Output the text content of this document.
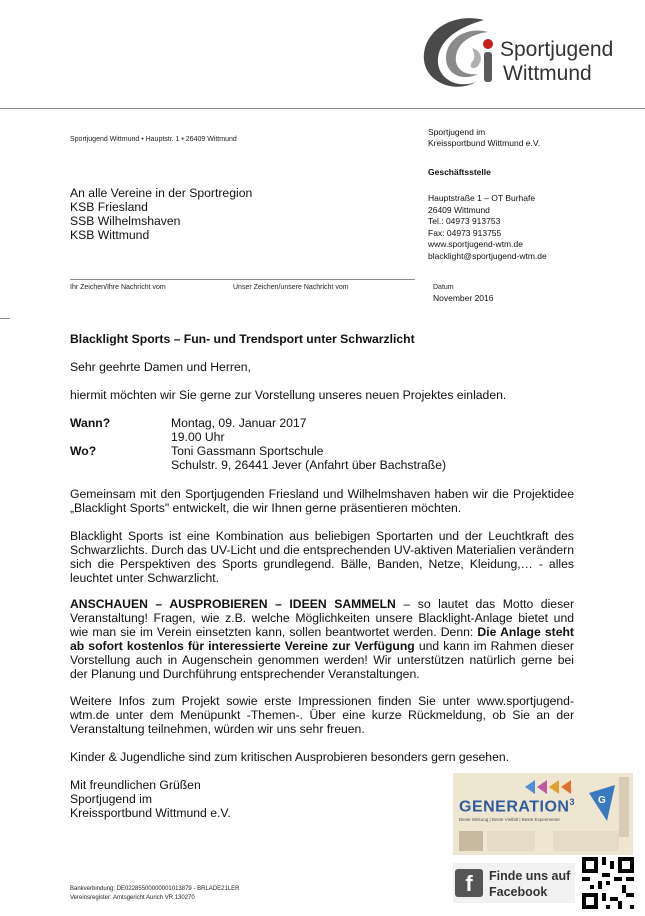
Sportjugend
Wittmund
Sportjugend Wittmund • Hauptstr. 1 • 26409 Wittmund
An alle Vereine in der Sportregion
KSB Friesland
SSB Wilhelmshaven
KSB Wittmund
Sportjugend im
Kreissportbund Wittmund e.V.
Geschäftsstelle
Hauptstraße 1 – OT Burhafe
26409 Wittmund
Tel.: 04973 913753
Fax: 04973 913755
www.sportjugend-wtm.de
blacklight@sportjugend-wtm.de
Ihr Zeichen/Ihre Nachricht vom	Unser Zeichen/unsere Nachricht vom	Datum
November 2016
Blacklight Sports – Fun- und Trendsport unter Schwarzlicht
Sehr geehrte Damen und Herren,
hiermit möchten wir Sie gerne zur Vorstellung unseres neuen Projektes einladen.
Wann?	Montag, 09. Januar 2017
19.00 Uhr
Wo?	Toni Gassmann Sportschule
Schulstr. 9, 26441 Jever (Anfahrt über Bachstraße)
Gemeinsam mit den Sportjugenden Friesland und Wilhelmshaven haben wir die Projektidee „Blacklight Sports" entwickelt, die wir Ihnen gerne präsentieren möchten.
Blacklight Sports ist eine Kombination aus beliebigen Sportarten und der Leuchtkraft des Schwarzlichts. Durch das UV-Licht und die entsprechenden UV-aktiven Materialien verändern sich die Perspektiven des Sports grundlegend. Bälle, Banden, Netze, Kleidung,… - alles leuchtet unter Schwarzlicht.
ANSCHAUEN – AUSPROBIEREN – IDEEN SAMMELN – so lautet das Motto dieser Veranstaltung! Fragen, wie z.B. welche Möglichkeiten unsere Blacklight-Anlage bietet und wie man sie im Verein einsetzten kann, sollen beantwortet werden. Denn: Die Anlage steht ab sofort kostenlos für interessierte Vereine zur Verfügung und kann im Rahmen dieser Vorstellung auch in Augenschein genommen werden! Wir unterstützen natürlich gerne bei der Planung und Durchführung entsprechender Veranstaltungen.
Weitere Infos zum Projekt sowie erste Impressionen finden Sie unter www.sportjugend-wtm.de unter dem Menüpunkt -Themen-. Über eine kurze Rückmeldung, ob Sie an der Veranstaltung teilnehmen, würden wir uns sehr freuen.
Kinder & Jugendliche sind zum kritischen Ausprobieren besonders gern gesehen.
Mit freundlichen Grüßen
Sportjugend im
Kreissportbund Wittmund e.V.	GENERATION$^3$
Beste Wirkung | Beste Vielfalt | Beste Experimente
G
f	Finde uns auf
Facebook
Bankverbindung: DE02285500000001013879 - BRLADE21LER
Vereinsregister: Amtsgericht Aurich VR 130270
